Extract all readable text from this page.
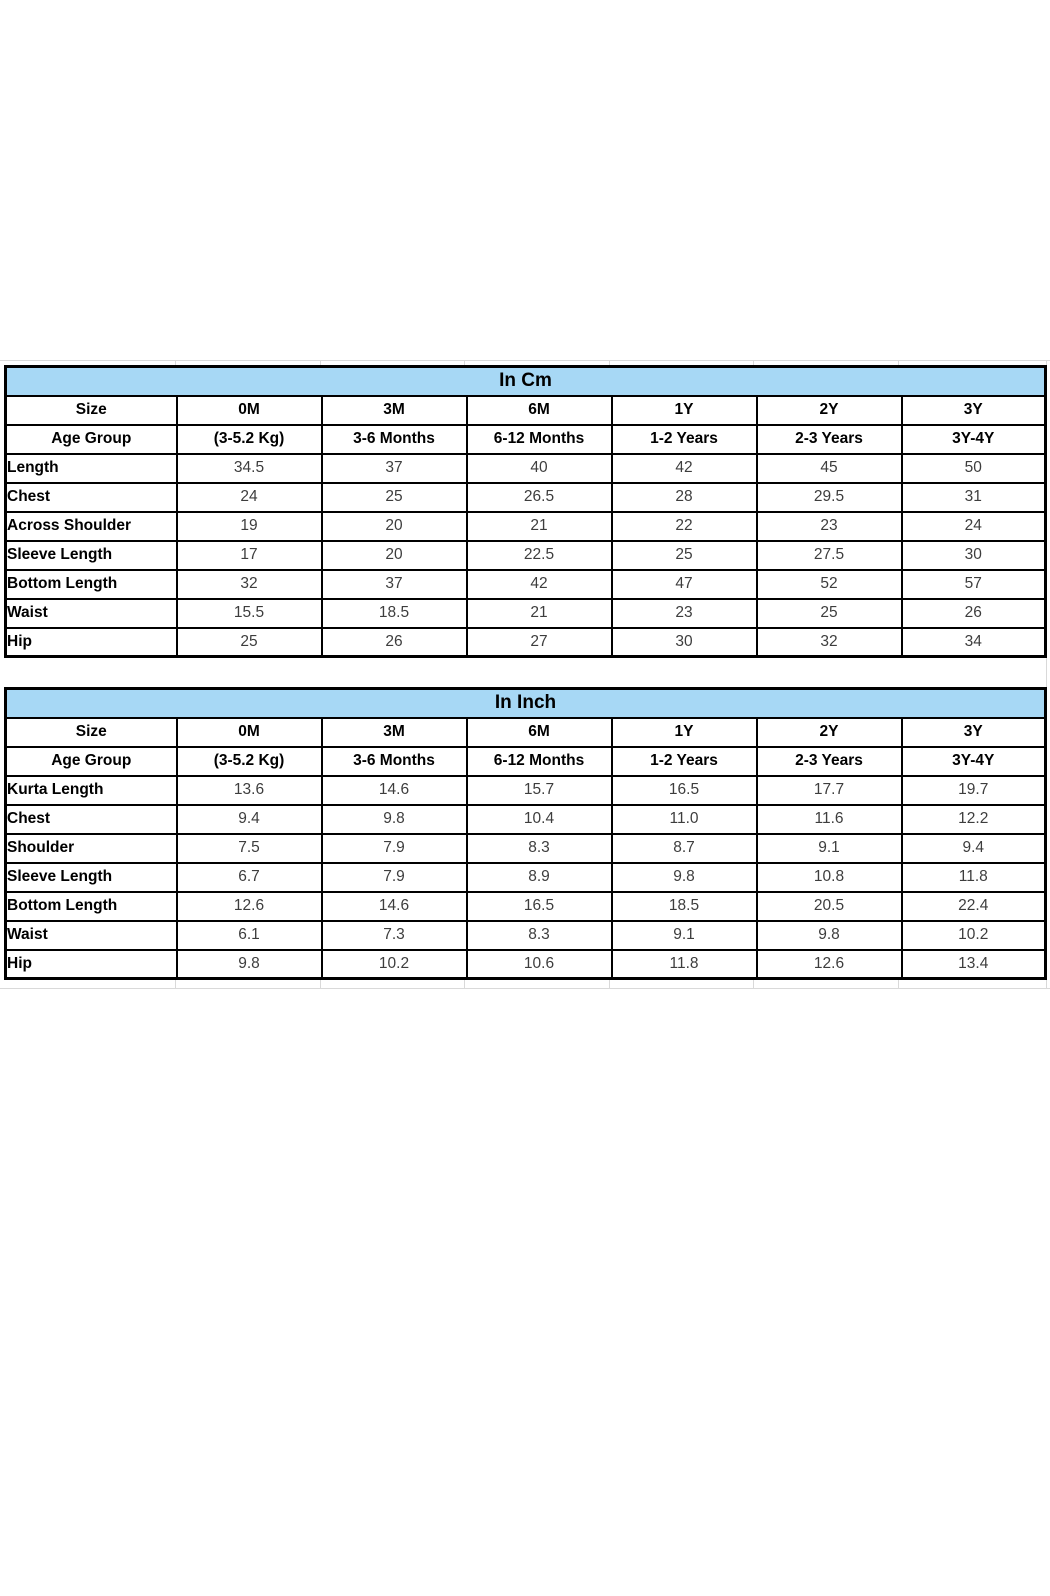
In Cm						
Size	0M	3M	6M	1Y	2Y	3Y
Age Group	(3-5.2 Kg)	3-6 Months	6-12 Months	1-2 Years	2-3 Years	3Y-4Y
Length	34.5	37	40	42	45	50
Chest	24	25	26.5	28	29.5	31
Across Shoulder	19	20	21	22	23	24
Sleeve Length	17	20	22.5	25	27.5	30
Bottom Length	32	37	42	47	52	57
Waist	15.5	18.5	21	23	25	26
Hip	25	26	27	30	32	34
In Inch						
Size	0M	3M	6M	1Y	2Y	3Y
Age Group	(3-5.2 Kg)	3-6 Months	6-12 Months	1-2 Years	2-3 Years	3Y-4Y
Kurta Length	13.6	14.6	15.7	16.5	17.7	19.7
Chest	9.4	9.8	10.4	11.0	11.6	12.2
Shoulder	7.5	7.9	8.3	8.7	9.1	9.4
Sleeve Length	6.7	7.9	8.9	9.8	10.8	11.8
Bottom Length	12.6	14.6	16.5	18.5	20.5	22.4
Waist	6.1	7.3	8.3	9.1	9.8	10.2
Hip	9.8	10.2	10.6	11.8	12.6	13.4
